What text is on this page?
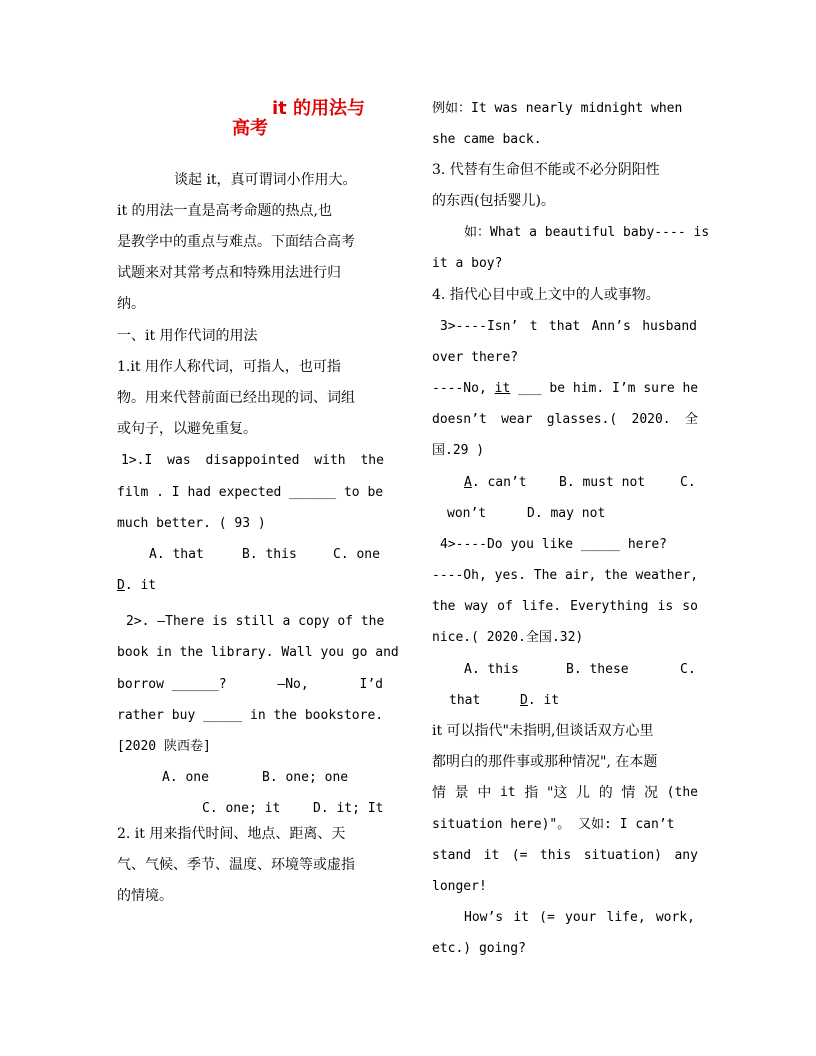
it 的用法与
高考
谈起 it，真可谓词小作用大。
it 的用法一直是高考命题的热点,也
是教学中的重点与难点。下面结合高考
试题来对其常考点和特殊用法进行归
纳。
一、it 用作代词的用法
1.it 用作人称代词，可指人，也可指
物。用来代替前面已经出现的词、词组
或句子，以避免重复。
1>.I was disappointed with the
film . I had expected ______ to be
much better. ( 93 )
A. that	B. this	C. one
D. it
2>. —There is still a copy of the
book in the library. Wall you go and
borrow ______?	—No,	I’d
rather buy _____ in the bookstore.
[2020 陕西卷]
A. one	B. one; one
C. one; it	D. it; It
2. it 用来指代时间、地点、距离、天
气、气候、季节、温度、环境等或虚指
的情境。
例如：It was nearly midnight when
she came back.
3. 代替有生命但不能或不必分阴阳性
的东西(包括婴儿)。
如：What a beautiful baby---- is
it a boy?
4. 指代心目中或上文中的人或事物。
3>----Isn’ t that Ann’s husband
over there?
----No, it ___ be him. I’m sure he
doesn’t wear glasses.( 2020. 全
国.29 )
A. can’t B. must not	C.
won’t	D. may not
4>----Do you like _____ here?
----Oh, yes. The air, the weather,
the way of life. Everything is so
nice.( 2020.全国.32)
A. this	B. these	C.
that	D. it
it 可以指代"未指明,但谈话双方心里
都明白的那件事或那种情况", 在本题
情 景 中 it 指 "这 儿 的 情 况 (the
situation here)"。 又如: I can’t
stand it (= this situation) any
longer!
How’s it (= your life, work,
etc.) going?
